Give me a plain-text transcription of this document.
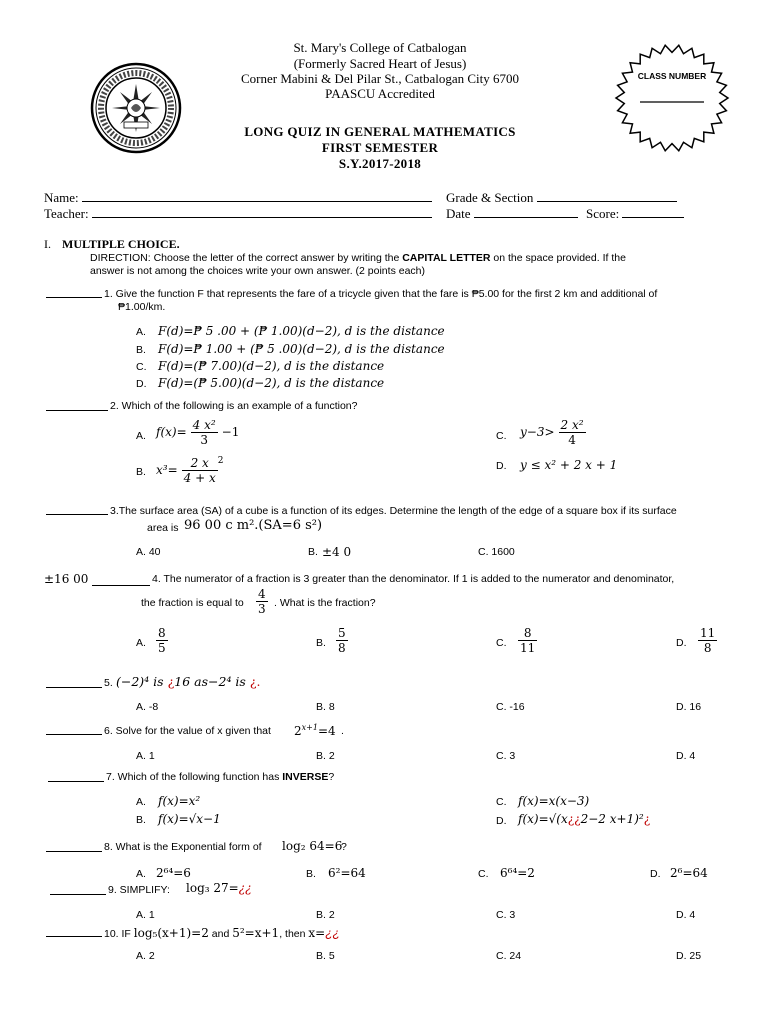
St. Mary's College of Catbalogan
(Formerly Sacred Heart of Jesus)
Corner Mabini & Del Pilar St., Catbalogan City 6700
PAASCU Accredited
CLASS NUMBER
LONG QUIZ IN GENERAL MATHEMATICS
FIRST SEMESTER
S.Y.2017-2018
Name:	Grade & Section
Teacher:	Date	Score:
I. MULTIPLE CHOICE.
DIRECTION: Choose the letter of the correct answer by writing the CAPITAL LETTER on the space provided. If the
answer is not among the choices write your own answer. (2 points each)
1. Give the function F that represents the fare of a tricycle given that the fare is ₱5.00 for the first 2 km and additional of
₱1.00/km.
A. F(d)=₱ 5 .00 + (₱ 1.00)(d−2), d is the distance
B. F(d)=₱ 1.00 + (₱ 5 .00)(d−2), d is the distance
C. F(d)=(₱ 7.00)(d−2), d is the distance
D. F(d)=(₱ 5.00)(d−2), d is the distance
2. Which of the following is an example of a function?
A. $f(x)= \frac{\text{4 x²}}{3} -1$	C. $y-3> \frac{\text{2 x²}}{4}$
B. $x^3= \frac{2 x}{4 + x} ^2$	D. y ≤ x² + 2 x + 1
3.The surface area (SA) of a cube is a function of its edges. Determine the length of the edge of a square box if its surface
area is 96 00 c m².(SA=6 s²)
A. 40	B. ±4 0	C. 1600
±16 00	4. The numerator of a fraction is 3 greater than the denominator. If 1 is added to the numerator and denominator,
the fraction is equal to $\frac{4}{3}$ . What is the fraction?
A. $\frac{8}{5}$	B. $\frac{5}{8}$	C. $\frac{8}{11}$	D. $\frac{11}{8}$
5. (−2)⁴ is ¿16 as−2⁴ is ¿.
A. -8	B. 8	C. -16	D. 16
6. Solve for the value of x given that $2^{x+1}=4$ .
A. 1	B. 2	C. 3	D. 4
7. Which of the following function has INVERSE?
A. f(x)=x²	C. f(x)=x(x−3)
B. f(x)=√x−1	D. f(x)=√(x¿¿2−2 x+1)²¿
8. What is the Exponential form of log₂ 64=6
?
A. 2⁶⁴=6	B. 6²=64	C. 6⁶⁴=2	D. 2⁶=64
9. SIMPLIFY: log₃ 27=¿¿
A. 1	B. 2	C. 3	D. 4
10. IF log₅(x+1)=2 and 5²=x+1, then x=¿¿
A. 2	B. 5	C. 24	D. 25
